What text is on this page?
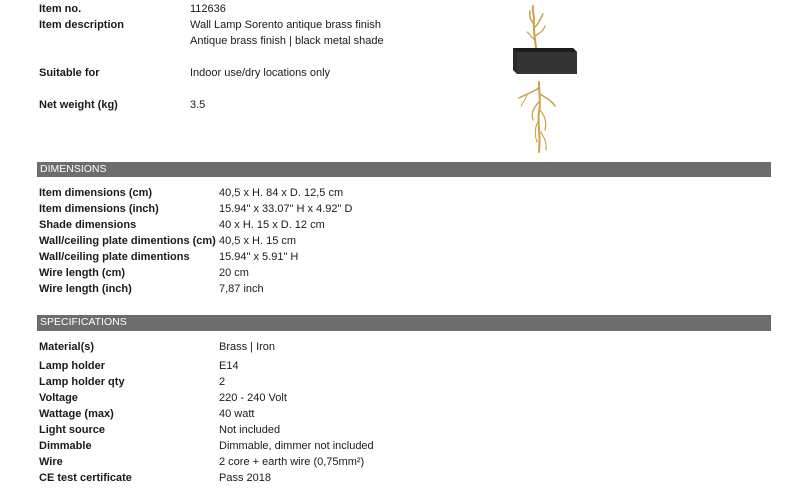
Item no.	112636
Item description	Wall Lamp Sorento antique brass finish
Antique brass finish | black metal shade
Suitable for	Indoor use/dry locations only
Net weight (kg)	3.5
DIMENSIONS
Item dimensions (cm)	40,5 x H. 84 x D. 12,5 cm
Item dimensions (inch)	15.94" x 33.07" H x 4.92" D
Shade dimensions	40 x H. 15 x D. 12 cm
Wall/ceiling plate dimentions (cm) 40,5 x H. 15 cm
Wall/ceiling plate dimentions	15.94" x 5.91" H
Wire length (cm)	20 cm
Wire length (inch)	7,87 inch
SPECIFICATIONS
Material(s)	Brass | Iron
Lamp holder	E14
Lamp holder qty	2
Voltage	220 - 240 Volt
Wattage (max)	40 watt
Light source	Not included
Dimmable	Dimmable, dimmer not included
Wire	2 core + earth wire (0,75mm²)
CE test certificate	Pass 2018
